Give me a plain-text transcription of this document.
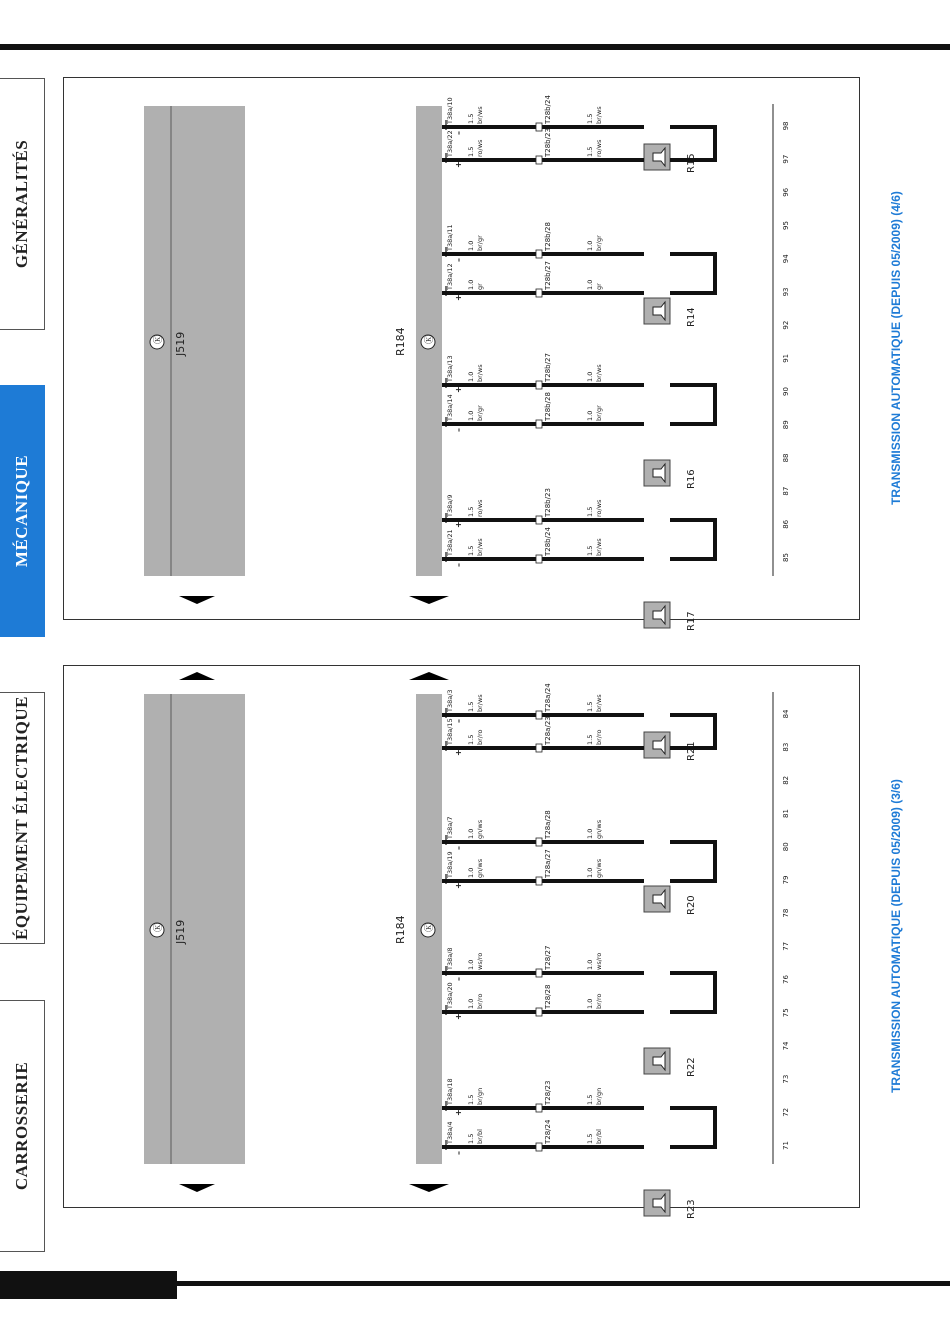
GÉNÉRALITÉS
MÉCANIQUE
ÉQUIPEMENT ÉLECTRIQUE
CARROSSERIE
Ⓚ J519	Ⓚ
R184
85
86
87
88
89
90
91
92
93
94
95
96
97
98
T38a/21
–
1.5 br/ws	T28b/24	1.5 br/ws
T38a/9
+
1.5 ro/ws	T28b/23	1.5 ro/ws
R15
T38a/14
–
1.0 br/gr	T28b/28	1.0 br/gr
T38a/13
+
1.0 br/ws	T28b/27	1.0 br/ws
R14
T38a/12
+
1.0 gr	T28b/27	1.0 gr
T38a/11
–
1.0 br/gr	T28b/28	1.0 br/gr
R16
T38a/22
+
1.5 ro/ws	T28b/23	1.5 ro/ws
T38a/10
–
1.5 br/ws	T28b/24	1.5 br/ws
R17
Ⓚ J519	Ⓚ
R184
71
72
73
74
75
76
77
78
79
80
81
82
83
84
T38a/4
–
1.5 br/bl	T28/24	1.5 br/bl
T38a/18
+
1.5 br/gn	T28/23	1.5 br/gn
R21
T38a/20
+
1.0 br/ro	T28/28	1.0 br/ro
T38a/8
–
1.0 ws/ro	T28/27	1.0 ws/ro
R20
T38a/19
+
1.0 gn/ws	T28a/27	1.0 gn/ws
T38a/7
–
1.0 gn/ws	T28a/28	1.0 gn/ws
R22
T38a/15
+
1.5 br/ro	T28a/23	1.5 br/ro
T38a/3
–
1.5 br/ws	T28a/24	1.5 br/ws
R23
TRANSMISSION AUTOMATIQUE (DEPUIS 05/2009) (4/6)
TRANSMISSION AUTOMATIQUE (DEPUIS 05/2009) (3/6)
